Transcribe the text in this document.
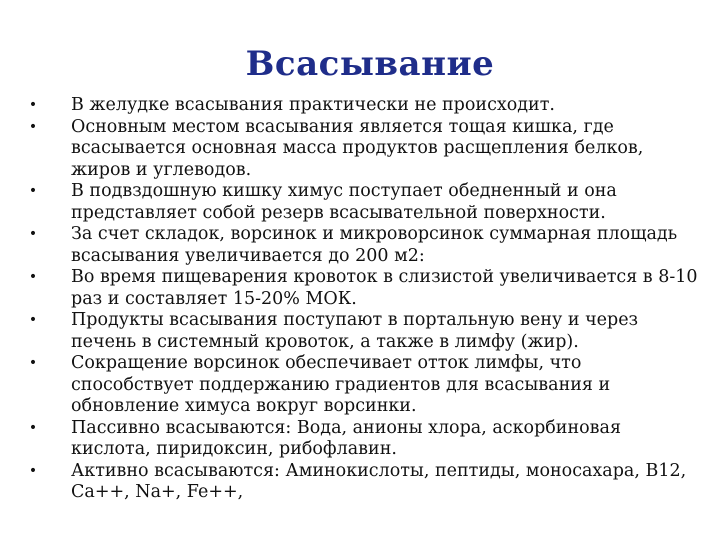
Всасывание
• В желудке всасывания практически не происходит.
• Основным местом всасывания является тощая кишка, где всасывается основная масса продуктов расщепления белков, жиров и углеводов.
• В подвздошную кишку химус поступает обедненный и она представляет собой резерв всасывательной поверхности.
• За счет складок, ворсинок и микроворсинок суммарная площадь всасывания увеличивается до 200 м2:
• Во время пищеварения кровоток в слизистой увеличивается в 8-10 раз и составляет 15-20% МОК.
• Продукты всасывания поступают в портальную вену и через печень в системный кровоток, а также в лимфу (жир).
• Сокращение ворсинок обеспечивает отток лимфы, что способствует поддержанию градиентов для всасывания и обновление химуса вокруг ворсинки.
• Пассивно всасываются: Вода, анионы хлора, аскорбиновая кислота, пиридоксин, рибофлавин.
• Активно всасываются: Аминокислоты, пептиды, моносахара, В12, Са++, Nа+, Fe++,
